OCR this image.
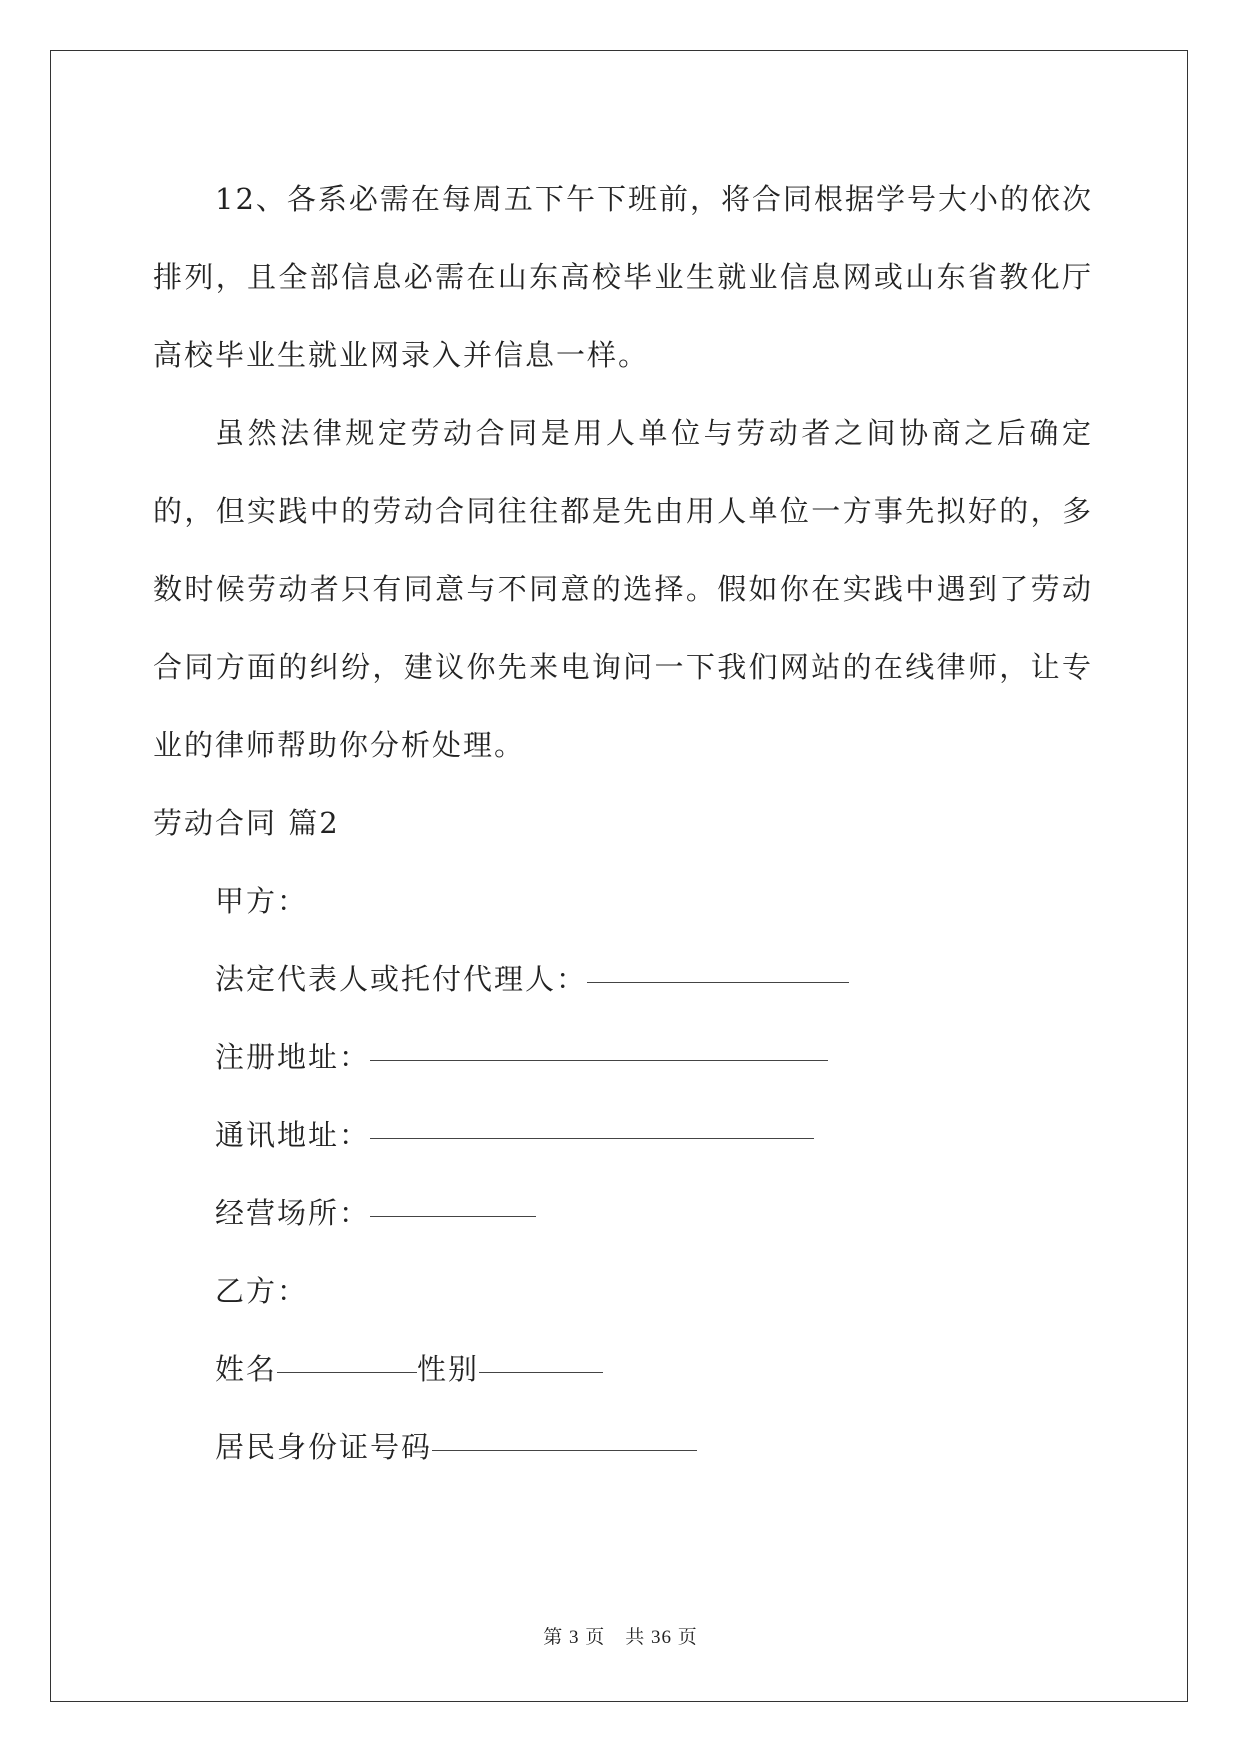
12、各系必需在每周五下午下班前，将合同根据学号大小的依次排列，且全部信息必需在山东高校毕业生就业信息网或山东省教化厅高校毕业生就业网录入并信息一样。

虽然法律规定劳动合同是用人单位与劳动者之间协商之后确定的，但实践中的劳动合同往往都是先由用人单位一方事先拟好的，多数时候劳动者只有同意与不同意的选择。假如你在实践中遇到了劳动合同方面的纠纷，建议你先来电询问一下我们网站的在线律师，让专业的律师帮助你分析处理。

劳动合同 篇2

甲方：

法定代表人或托付代理人：

注册地址：

通讯地址：

经营场所：

乙方：

姓名	性别

居民身份证号码

第 3 页　共 36 页
